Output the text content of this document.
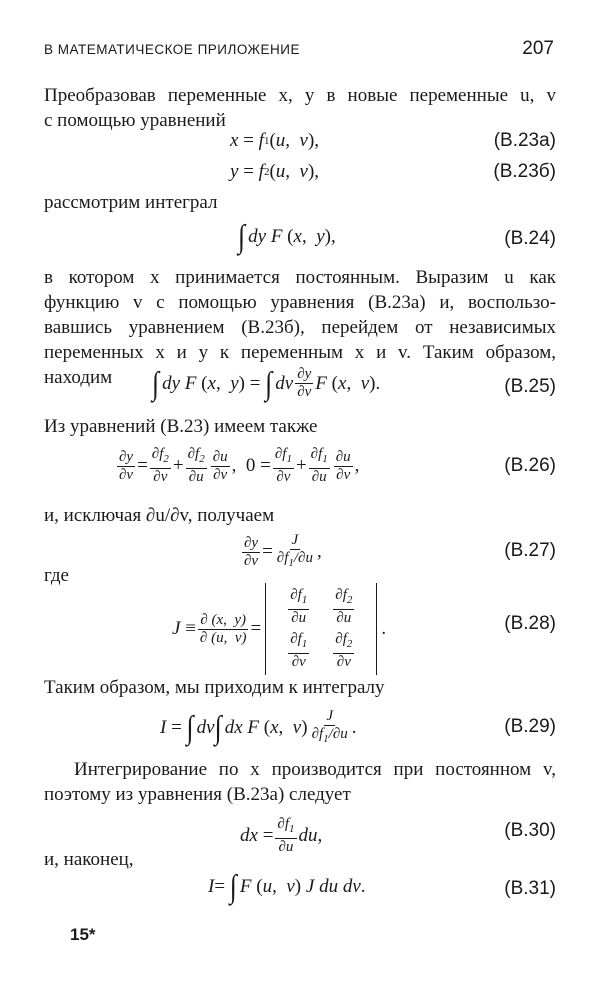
В МАТЕМАТИЧЕСКОЕ ПРИЛОЖЕНИЕ	207
Преобразовав переменные x, y в новые переменные u, v
с помощью уравнений
x = f 1 ( u , v ),	(В.23а)
y = f 2 ( u , v ),	(В.23б)
рассмотрим интеграл
∫ dy
F ( x , y ),	(В.24)
в котором x принимается постоянным. Выразим u как
функцию v с помощью уравнения (В.23а) и, воспользо-
вавшись уравнением (В.23б), перейдем от независимых
переменных x и y к переменным x и v. Таким образом,
находим	∫ dy
F ( x , y ) = ∫ dv $\frac{\partial y}{\partial v}$ F ( x , v ).	(В.25)
Из уравнений (В.23) имеем также
$\frac{\partial y}{\partial v} = \frac{\partial f_2}{\partial v} + \frac{\partial f_2}{\partial u} \frac{\partial u}{\partial v}$ ,  $0 = \frac{\partial f_1}{\partial v} + \frac{\partial f_1}{\partial u} \frac{\partial u}{\partial v}$ ,	(В.26)
и, исключая ∂u/∂v, получаем
$\frac{\partial y}{\partial v} = \frac{J}{\partial f_1/\partial u}$ ,	(В.27)
где
$J \equiv \frac{\partial (x, y)}{\partial (u, v)}$ =
$\frac{\partial f_1}{\partial u}$	$\frac{\partial f_2}{\partial u}$

$\frac{\partial f_1}{\partial v}$	$\frac{\partial f_2}{\partial v}$
.	(В.28)
Таким образом, мы приходим к интегралу
I = ∫ dv ∫ dx
F ( x , v ) $\frac{J}{\partial f_1/\partial u}$ .	(В.29)
Интегрирование по x производится при постоянном v,
поэтому из уравнения (В.23а) следует
dx = $\frac{\partial f_1}{\partial u}$ du ,	(В.30)
и, наконец,
I = ∫ F ( u , v ) J
du
dv .	(В.31)
15*
